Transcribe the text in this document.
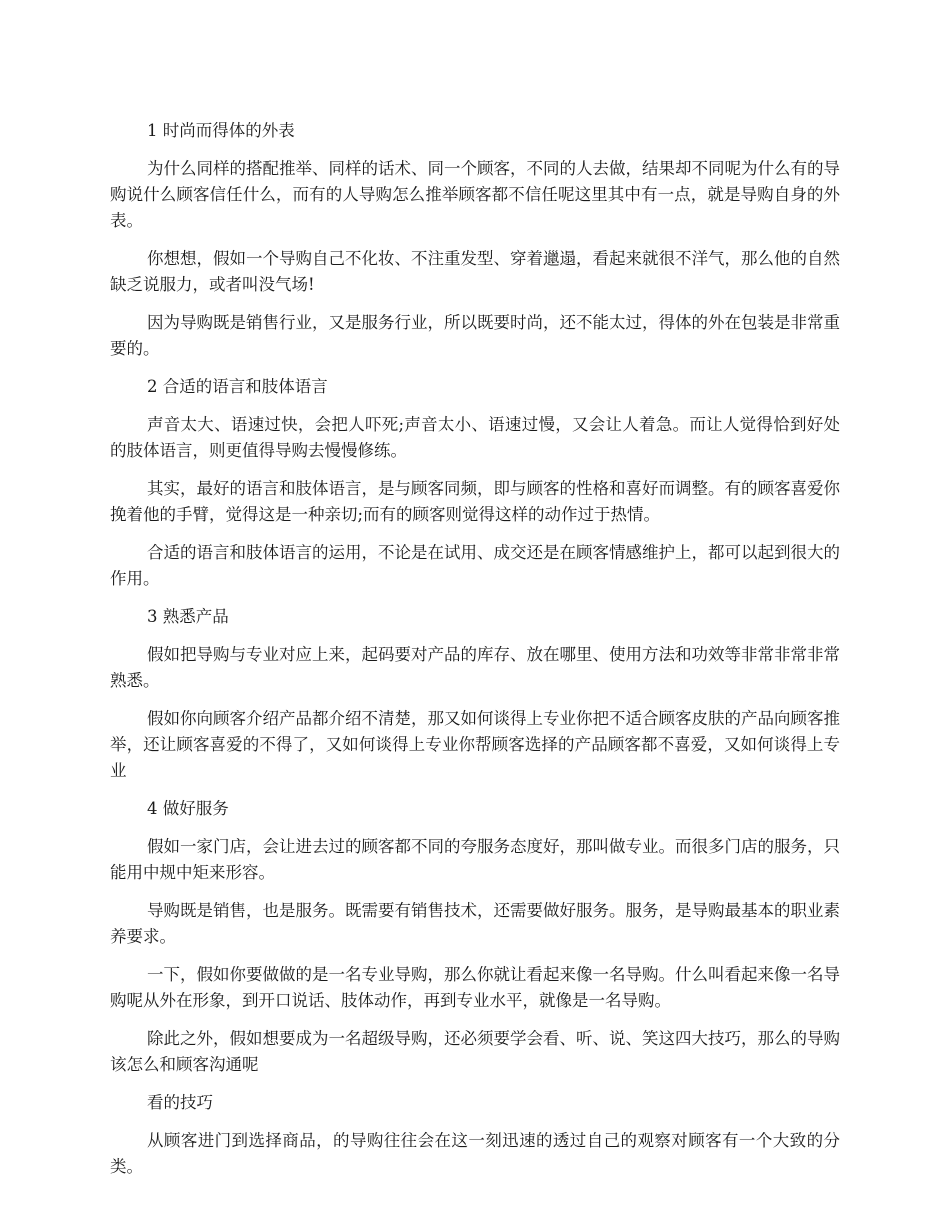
1 时尚而得体的外表

为什么同样的搭配推举、同样的话术、同一个顾客，不同的人去做，结果却不同呢为什么有的导购说什么顾客信任什么，而有的人导购怎么推举顾客都不信任呢这里其中有一点，就是导购自身的外表。

你想想，假如一个导购自己不化妆、不注重发型、穿着邋遢，看起来就很不洋气，那么他的自然缺乏说服力，或者叫没气场!

因为导购既是销售行业，又是服务行业，所以既要时尚，还不能太过，得体的外在包装是非常重要的。

2 合适的语言和肢体语言

声音太大、语速过快，会把人吓死;声音太小、语速过慢，又会让人着急。而让人觉得恰到好处的肢体语言，则更值得导购去慢慢修练。

其实，最好的语言和肢体语言，是与顾客同频，即与顾客的性格和喜好而调整。有的顾客喜爱你挽着他的手臂，觉得这是一种亲切;而有的顾客则觉得这样的动作过于热情。

合适的语言和肢体语言的运用，不论是在试用、成交还是在顾客情感维护上，都可以起到很大的作用。

3 熟悉产品

假如把导购与专业对应上来，起码要对产品的库存、放在哪里、使用方法和功效等非常非常非常熟悉。

假如你向顾客介绍产品都介绍不清楚，那又如何谈得上专业你把不适合顾客皮肤的产品向顾客推举，还让顾客喜爱的不得了，又如何谈得上专业你帮顾客选择的产品顾客都不喜爱，又如何谈得上专业

4 做好服务

假如一家门店，会让进去过的顾客都不同的夸服务态度好，那叫做专业。而很多门店的服务，只能用中规中矩来形容。

导购既是销售，也是服务。既需要有销售技术，还需要做好服务。服务，是导购最基本的职业素养要求。

一下，假如你要做做的是一名专业导购，那么你就让看起来像一名导购。什么叫看起来像一名导购呢从外在形象，到开口说话、肢体动作，再到专业水平，就像是一名导购。

除此之外，假如想要成为一名超级导购，还必须要学会看、听、说、笑这四大技巧，那么的导购该怎么和顾客沟通呢

看的技巧

从顾客进门到选择商品，的导购往往会在这一刻迅速的透过自己的观察对顾客有一个大致的分类。
